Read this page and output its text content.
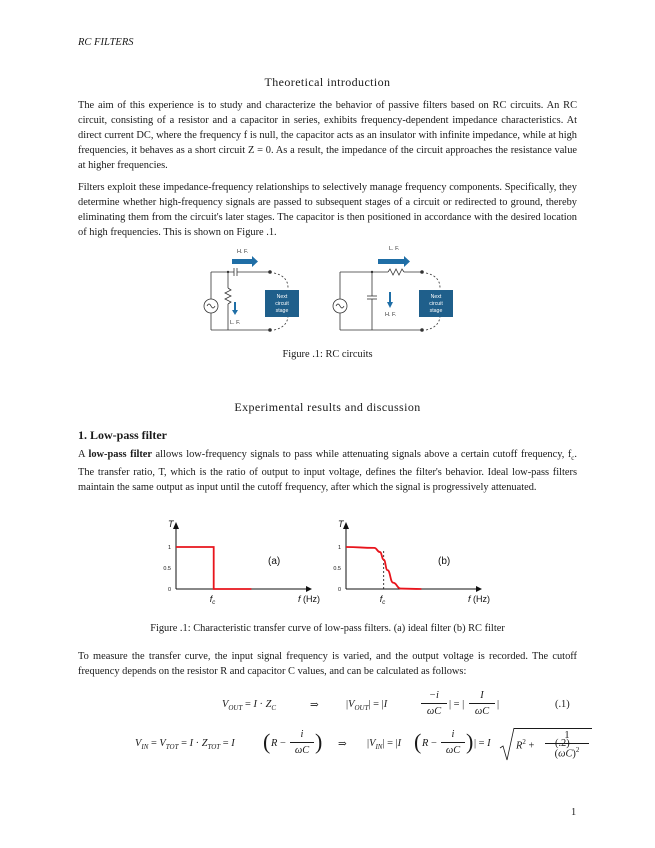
RC FILTERS
Theoretical introduction

The aim of this experience is to study and characterize the behavior of passive filters based on RC circuits. An RC circuit, consisting of a resistor and a capacitor in series, exhibits frequency-dependent impedance characteristics. At direct current DC, where the frequency f is null, the capacitor acts as an insulator with infinite impedance, while at high frequencies, it behaves as a short circuit Z = 0. As a result, the impedance of the circuit approaches the resistance value at higher frequencies.

Filters exploit these impedance-frequency relationships to selectively manage frequency components. Specifically, they determine whether high-frequency signals are passed to subsequent stages of a circuit or redirected to ground, thereby eliminating them from the circuit's later stages. The capacitor is then positioned in accordance with the desired location of high frequencies. This is shown on Figure .1.

H. F.
L. F.
Next
circuit
stage
L. F.
H. F.
Next
circuit
stage
Figure .1: RC circuits
Experimental results and discussion
1. Low-pass filter

A low-pass filter allows low-frequency signals to pass while attenuating signals above a certain cutoff frequency, $f_c$. The transfer ratio, T, which is the ratio of output to input voltage, defines the filter's behavior. Ideal low-pass filters maintain the same output as input until the cutoff frequency, after which the signal is progressively attenuated.

T
1
0.5
0
f (Hz)
$f_c$
(a)
T
1
0.5
0
f (Hz)
$f_c$
(b)
Figure .1: Characteristic transfer curve of low-pass filters. (a) ideal filter (b) RC filter

To measure the transfer curve, the input signal frequency is varied, and the output voltage is recorded. The cutoff frequency depends on the resistor R and capacitor C values, and can be calculated as follows:

$V_{OUT} = I \cdot Z_C$	⇒	$|V_{OUT}| = |I$
−i
ωC
| = |
I
ωC
|	(.1)
$V_{IN} = V_{TOT} = I \cdot Z_{TOT} = I$ ( R −
i
ωC ) ⇒ $|V_{IN}| = |I$ ( R −
i
ωC ) | = I $R^2$ +
1
$(\omega C)^2$
(.2)
1
